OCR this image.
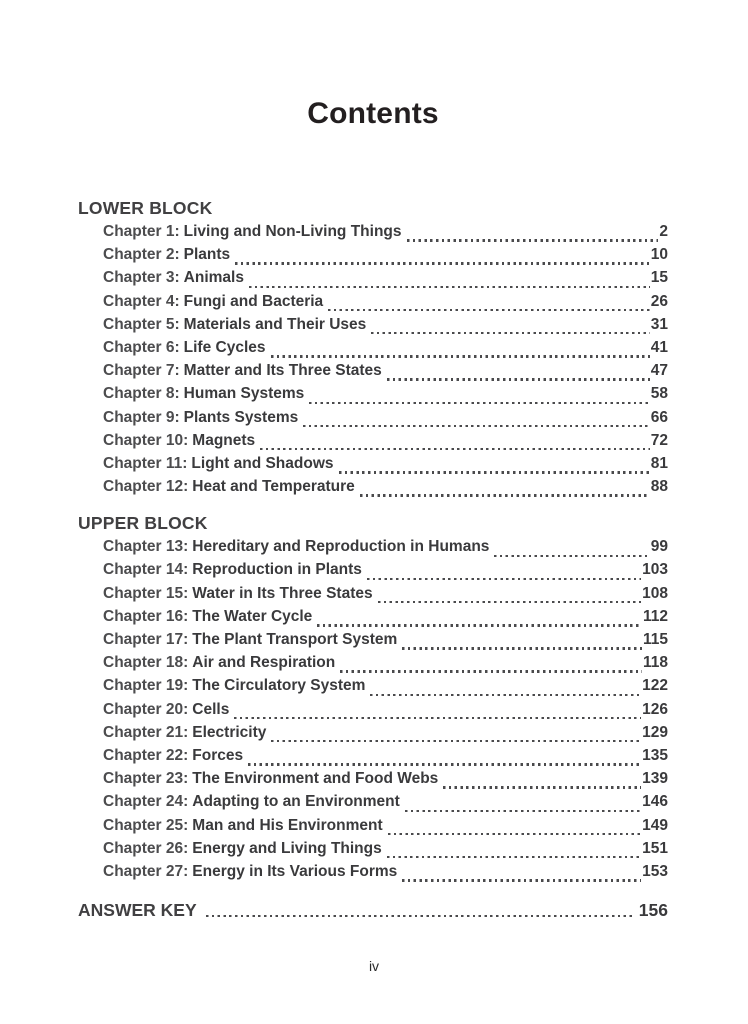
Contents
LOWER BLOCK
Chapter 1: Living and Non-Living Things	2
Chapter 2: Plants	10
Chapter 3: Animals	15
Chapter 4: Fungi and Bacteria	26
Chapter 5: Materials and Their Uses	31
Chapter 6: Life Cycles	41
Chapter 7: Matter and Its Three States	47
Chapter 8: Human Systems	58
Chapter 9: Plants Systems	66
Chapter 10: Magnets	72
Chapter 11: Light and Shadows	81
Chapter 12: Heat and Temperature	88
UPPER BLOCK
Chapter 13: Hereditary and Reproduction in Humans	99
Chapter 14: Reproduction in Plants	103
Chapter 15: Water in Its Three States	108
Chapter 16: The Water Cycle	112
Chapter 17: The Plant Transport System	115
Chapter 18: Air and Respiration	118
Chapter 19: The Circulatory System	122
Chapter 20: Cells	126
Chapter 21: Electricity	129
Chapter 22: Forces	135
Chapter 23: The Environment and Food Webs	139
Chapter 24: Adapting to an Environment	146
Chapter 25: Man and His Environment	149
Chapter 26: Energy and Living Things	151
Chapter 27: Energy in Its Various Forms	153
ANSWER KEY	156
iv
